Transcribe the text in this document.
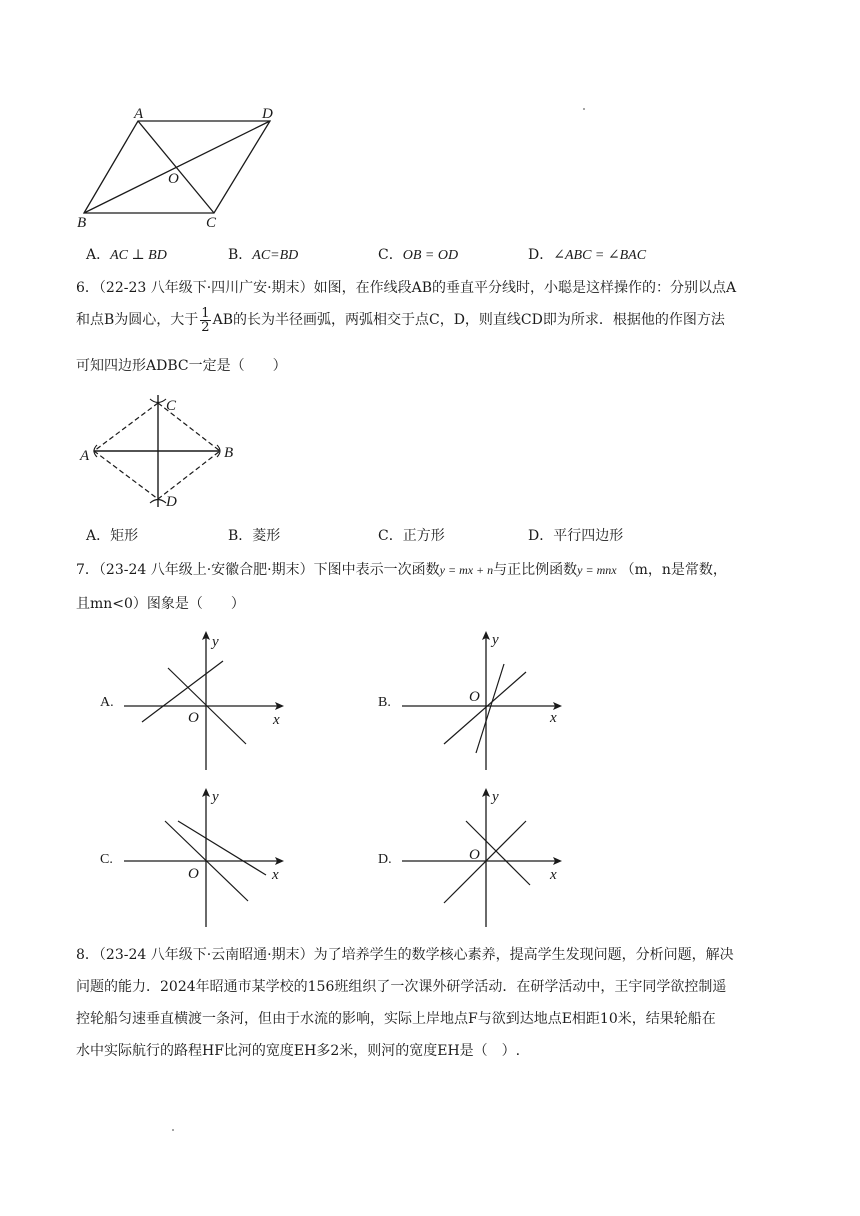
A	D
O
B	C
A．AC ⊥ BD	B．AC=BD	C．OB = OD	D．∠ABC = ∠BAC
6．（22-23 八年级下·四川广安·期末）如图，在作线段AB的垂直平分线时，小聪是这样操作的：分别以点A
和点B为圆心，大于 $\frac{1}{2}$ AB的长为半径画弧，两弧相交于点C，D，则直线CD即为所求．根据他的作图方法
可知四边形ADBC一定是（　　）
C
A	B
D
A．矩形	B．菱形	C．正方形	D．平行四边形
7．（23-24 八年级上·安徽合肥·期末）下图中表示一次函数y = mx + n与正比例函数y = mnx （m，n是常数，
且mn<0）图象是（　　）
A.
y
x
O
B.
y
x
O
C.
y
x
O
D.
y
x
O
8．（23-24 八年级下·云南昭通·期末）为了培养学生的数学核心素养，提高学生发现问题，分析问题，解决
问题的能力．2024年昭通市某学校的156班组织了一次课外研学活动．在研学活动中，王宇同学欲控制遥
控轮船匀速垂直横渡一条河，但由于水流的影响，实际上岸地点F与欲到达地点E相距10米，结果轮船在
水中实际航行的路程HF比河的宽度EH多2米，则河的宽度EH是（　）.
